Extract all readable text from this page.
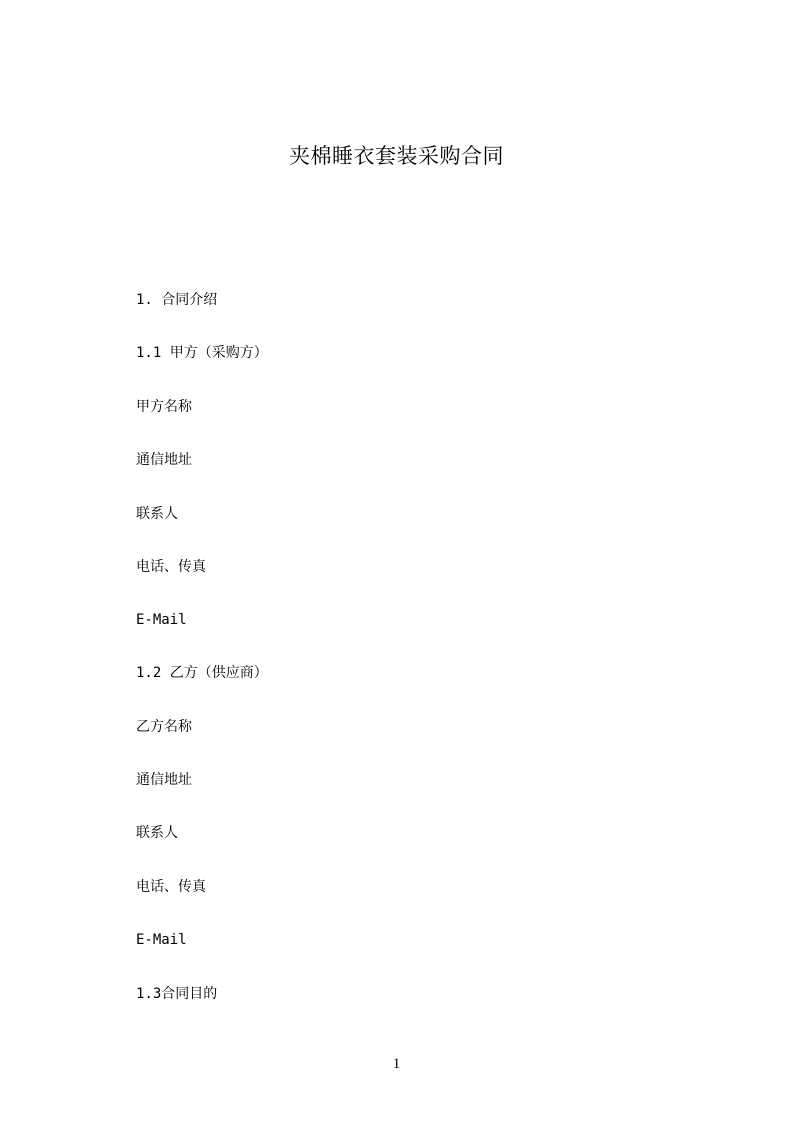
夹棉睡衣套装采购合同
1. 合同介绍
1.1 甲方（采购方）
甲方名称
通信地址
联系人
电话、传真
E-Mail
1.2 乙方（供应商）
乙方名称
通信地址
联系人
电话、传真
E-Mail
1.3合同目的
1
